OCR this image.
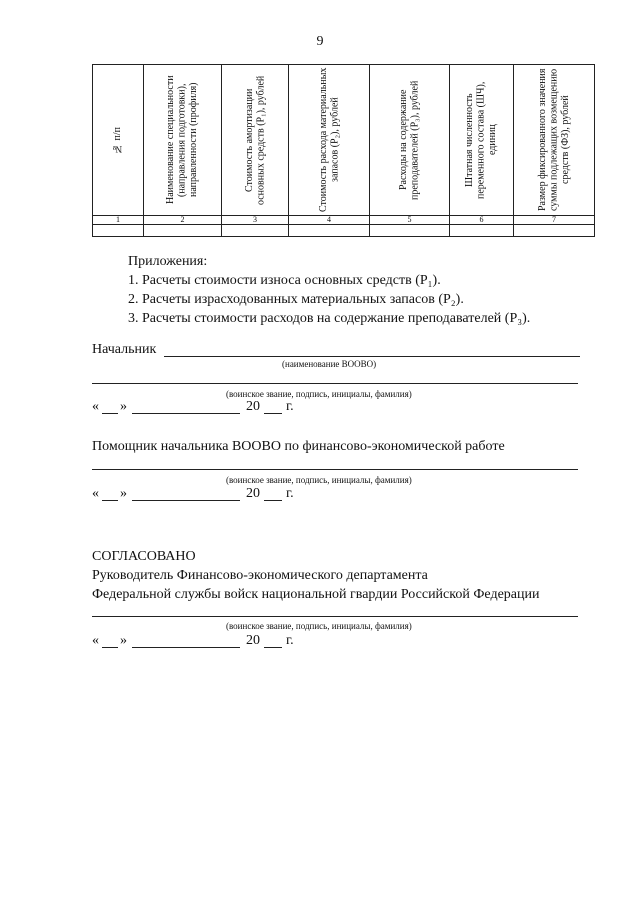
9
№ п/п	Наименование специальности (направления подготовки), направленности (профиля)	Стоимость амортизации основных средств (P₁), рублей	Стоимость расхода материальных запасов (P₂), рублей	Расходы на содержание преподавателей (P₃), рублей	Штатная численность переменного состава (ШЧ), единиц	Размер фиксированного значения суммы подлежащих возмещению средств (ФЗ), рублей

1	2	3	4	5	6	7

Приложения:
1. Расчеты стоимости износа основных средств (P₁).
2. Расчеты израсходованных материальных запасов (P₂).
3. Расчеты стоимости расходов на содержание преподавателей (P₃).
Начальник
(наименование ВООВО)
(воинское звание, подпись, инициалы, фамилия)
« »	20 г.
Помощник начальника ВООВО по финансово-экономической работе
(воинское звание, подпись, инициалы, фамилия)
« »	20 г.
СОГЛАСОВАНО
Руководитель Финансово-экономического департамента
Федеральной службы войск национальной гвардии Российской Федерации
(воинское звание, подпись, инициалы, фамилия)
« »	20 г.
